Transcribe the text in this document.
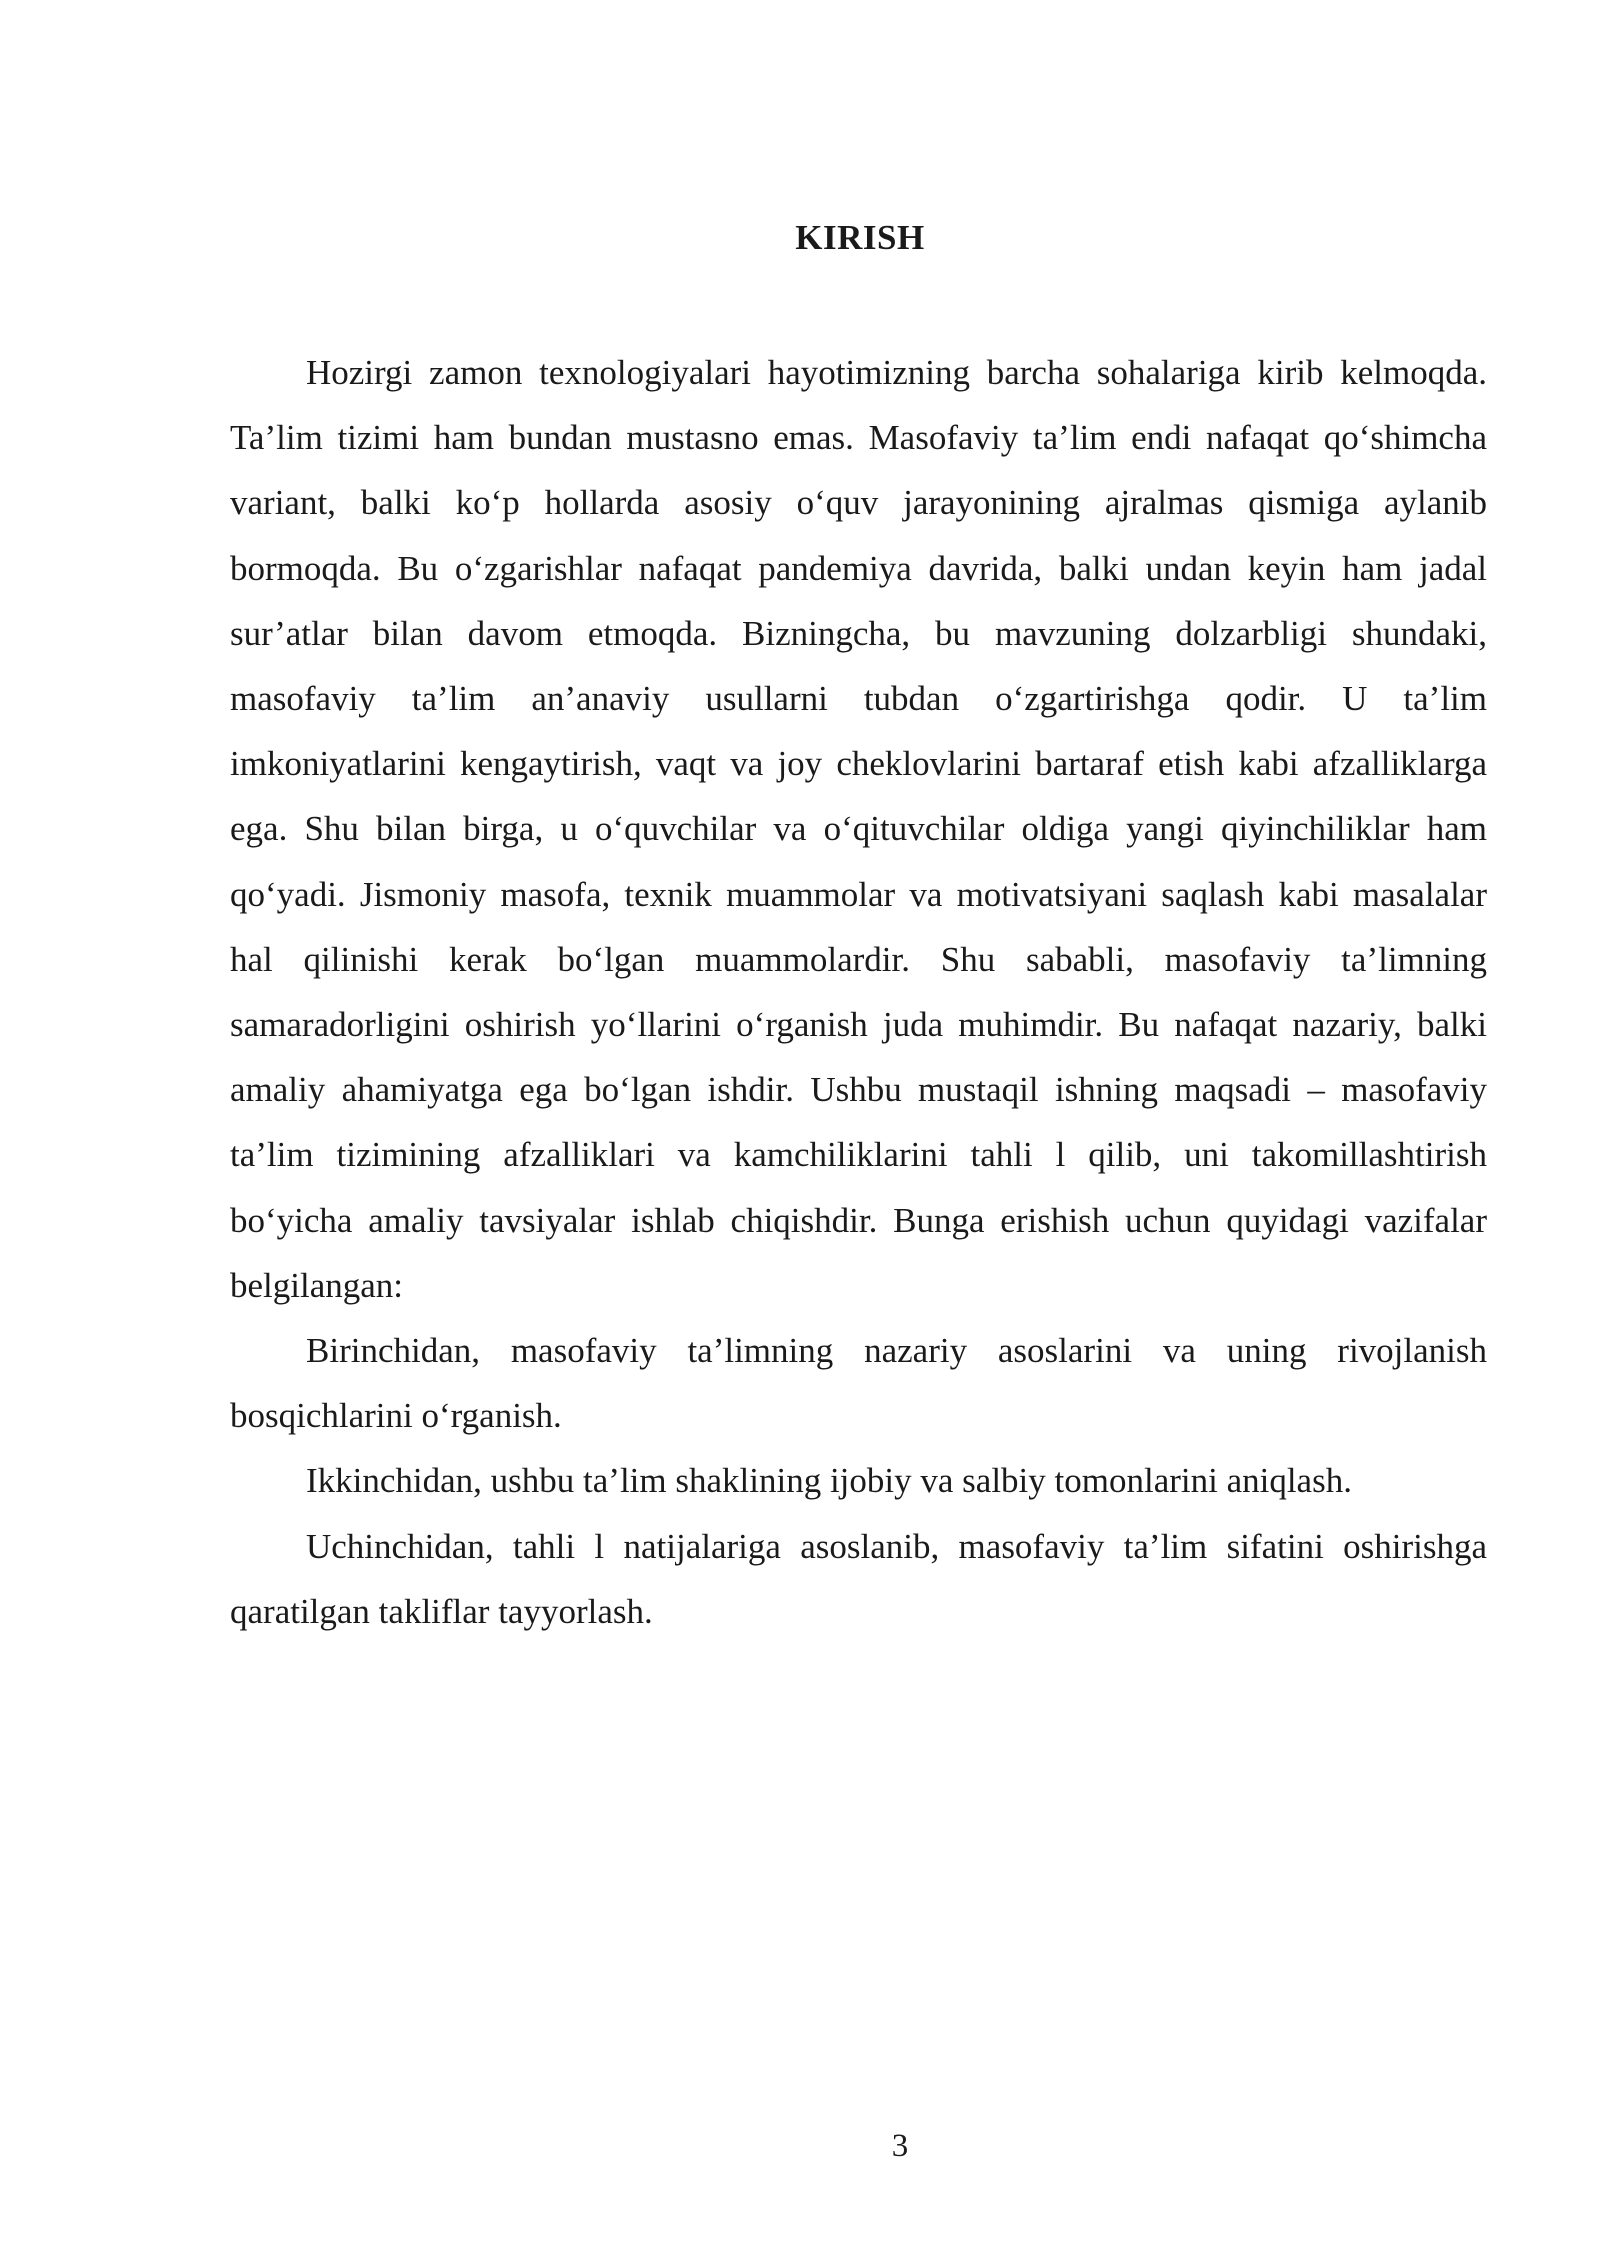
KIRISH

Hozirgi zamon texnologiyalari hayotimizning barcha sohalariga kirib kelmoqda. Ta’lim tizimi ham bundan mustasno emas. Masofaviy ta’lim endi nafaqat qo‘shimcha variant, balki ko‘p hollarda asosiy o‘quv jarayonining ajralmas qismiga aylanib bormoqda. Bu o‘zgarishlar nafaqat pandemiya davrida, balki undan keyin ham jadal sur’atlar bilan davom etmoqda. Bizningcha, bu mavzuning dolzarbligi shundaki, masofaviy ta’lim an’anaviy usullarni tubdan o‘zgartirishga qodir. U ta’lim imkoniyatlarini kengaytirish, vaqt va joy cheklovlarini bartaraf etish kabi afzalliklarga ega. Shu bilan birga, u o‘quvchilar va o‘qituvchilar oldiga yangi qiyinchiliklar ham qo‘yadi. Jismoniy masofa, texnik muammolar va motivatsiyani saqlash kabi masalalar hal qilinishi kerak bo‘lgan muammolardir. Shu sababli, masofaviy ta’limning samaradorligini oshirish yo‘llarini o‘rganish juda muhimdir. Bu nafaqat nazariy, balki amaliy ahamiyatga ega bo‘lgan ishdir. Ushbu mustaqil ishning maqsadi – masofaviy ta’lim tizimining afzalliklari va kamchiliklarini tahli l qilib, uni takomillashtirish bo‘yicha amaliy tavsiyalar ishlab chiqishdir. Bunga erishish uchun quyidagi vazifalar belgilangan:

Birinchidan, masofaviy ta’limning nazariy asoslarini va uning rivojlanish bosqichlarini o‘rganish.

Ikkinchidan, ushbu ta’lim shaklining ijobiy va salbiy tomonlarini aniqlash.

Uchinchidan, tahli l natijalariga asoslanib, masofaviy ta’lim sifatini oshirishga qaratilgan takliflar tayyorlash.

3
